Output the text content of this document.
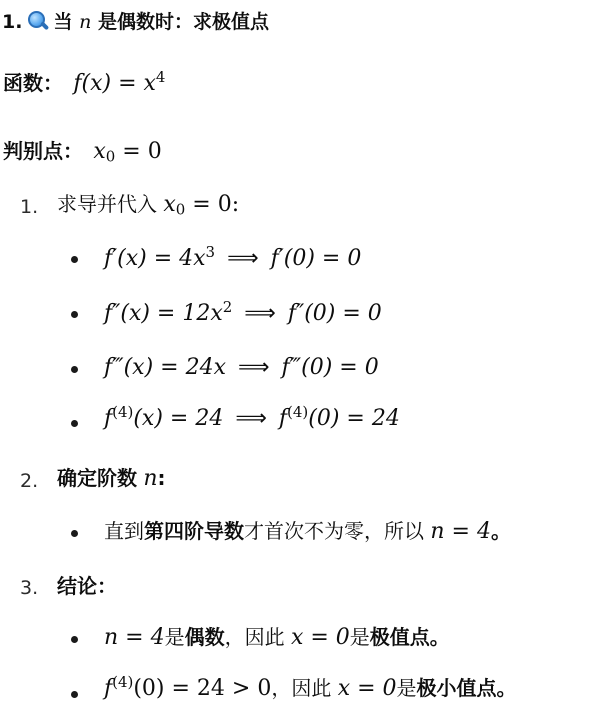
1. 当 n 是偶数时：求极值点
函数： $f(x) = x^4$
判别点： $x_0 = 0$
1. 求导并代入 $x_0 = 0$:
$f'(x) = 4x^3$ ⟹ f′(0) = 0
$f''(x) = 12x^2$ ⟹ f″(0) = 0
f‴(x) = 24x ⟹ f‴(0) = 0
$f^{(4)}(x) = 24$ ⟹ $f^{(4)}(0) = 24$
2. 确定阶数 n:
直到第四阶导数才首次不为零，所以 n = 4。
3. 结论：
n = 4是偶数，因此 x = 0是极值点。
$f^{(4)}(0) = 24 > 0$，因此 x = 0是极小值点。
